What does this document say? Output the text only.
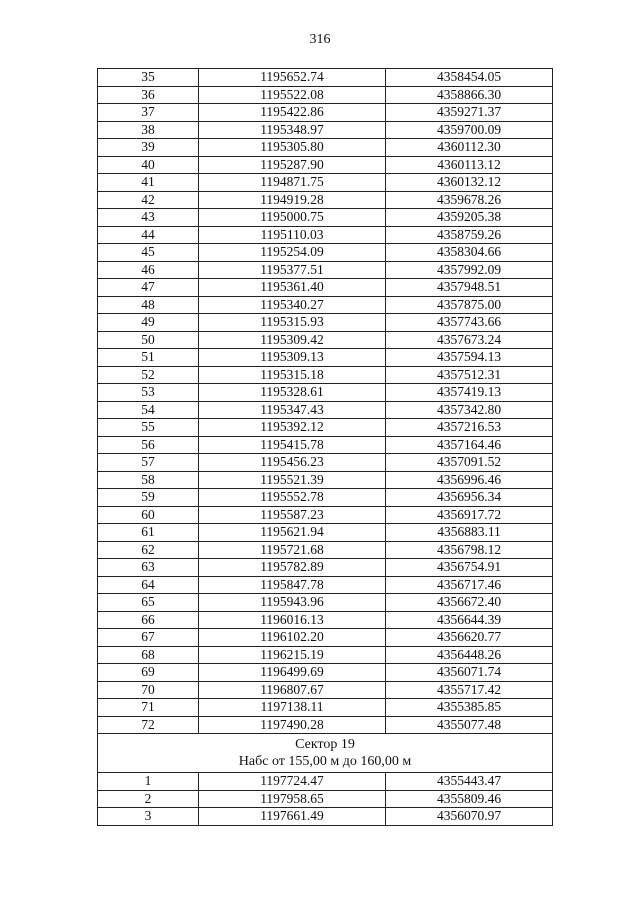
316
35	1195652.74	4358454.05
36	1195522.08	4358866.30
37	1195422.86	4359271.37
38	1195348.97	4359700.09
39	1195305.80	4360112.30
40	1195287.90	4360113.12
41	1194871.75	4360132.12
42	1194919.28	4359678.26
43	1195000.75	4359205.38
44	1195110.03	4358759.26
45	1195254.09	4358304.66
46	1195377.51	4357992.09
47	1195361.40	4357948.51
48	1195340.27	4357875.00
49	1195315.93	4357743.66
50	1195309.42	4357673.24
51	1195309.13	4357594.13
52	1195315.18	4357512.31
53	1195328.61	4357419.13
54	1195347.43	4357342.80
55	1195392.12	4357216.53
56	1195415.78	4357164.46
57	1195456.23	4357091.52
58	1195521.39	4356996.46
59	1195552.78	4356956.34
60	1195587.23	4356917.72
61	1195621.94	4356883.11
62	1195721.68	4356798.12
63	1195782.89	4356754.91
64	1195847.78	4356717.46
65	1195943.96	4356672.40
66	1196016.13	4356644.39
67	1196102.20	4356620.77
68	1196215.19	4356448.26
69	1196499.69	4356071.74
70	1196807.67	4355717.42
71	1197138.11	4355385.85
72	1197490.28	4355077.48

Сектор 19
Набс от 155,00 м до 160,00 м		

1	1197724.47	4355443.47
2	1197958.65	4355809.46
3	1197661.49	4356070.97
